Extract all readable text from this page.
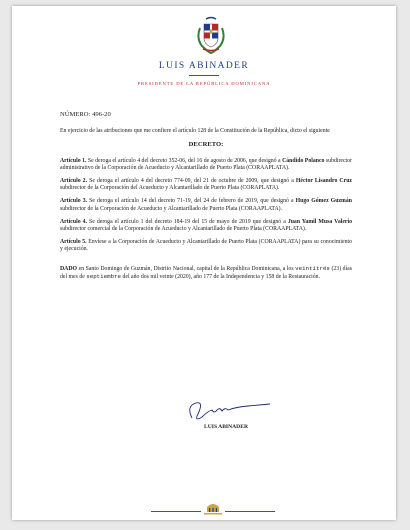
LUIS ABINADER
PRESIDENTE DE LA REPÚBLICA DOMINICANA

NÚMERO: 496-20

En ejercicio de las atribuciones que me confiere el artículo 128 de la Constitución de la República, dicto el siguiente

DECRETO:

Artículo 1. Se deroga el artículo 4 del decreto 352-06, del 16 de agosto de 2006, que designó a Cándido Polanco subdirector administrativo de la Corporación de Acueducto y Alcantarillado de Puerto Plata (CORAAPLATA).

Artículo 2. Se deroga el artículo 4 del decreto 774-09, del 21 de octubre de 2009, que designó a Héctor Lisandro Cruz subdirector de la Corporación del Acueducto y Alcantarillado de Puerto Plata (CORAPLATA).

Artículo 3. Se deroga el artículo 14 del decreto 71-19, del 24 de febrero de 2019, que designó a Hugo Gómez Guzmán subdirector de la Corporación de Acueducto y Alcantarillado de Puerto Plata (CORAAPLATA).

Artículo 4. Se deroga el artículo 1 del decreto 184-19 del 15 de mayo de 2019 que designó a Juan Yamil Musa Valerio subdirector comercial de la Corporación de Acueducto y Alcantarillado de Puerto Plata (CORAAPLATA).

Artículo 5. Envíese a la Corporación de Acueducto y Alcantarillado de Puerto Plata (CORAAPLATA) para su conocimiento y ejecución.

DADO en Santo Domingo de Guzmán, Distrito Nacional, capital de la República Dominicana, a los veintitrés (23) días del mes de septiembre del año dos mil veinte (2020), año 177 de la Independencia y 158 de la Restauración.

LUIS ABINADER
